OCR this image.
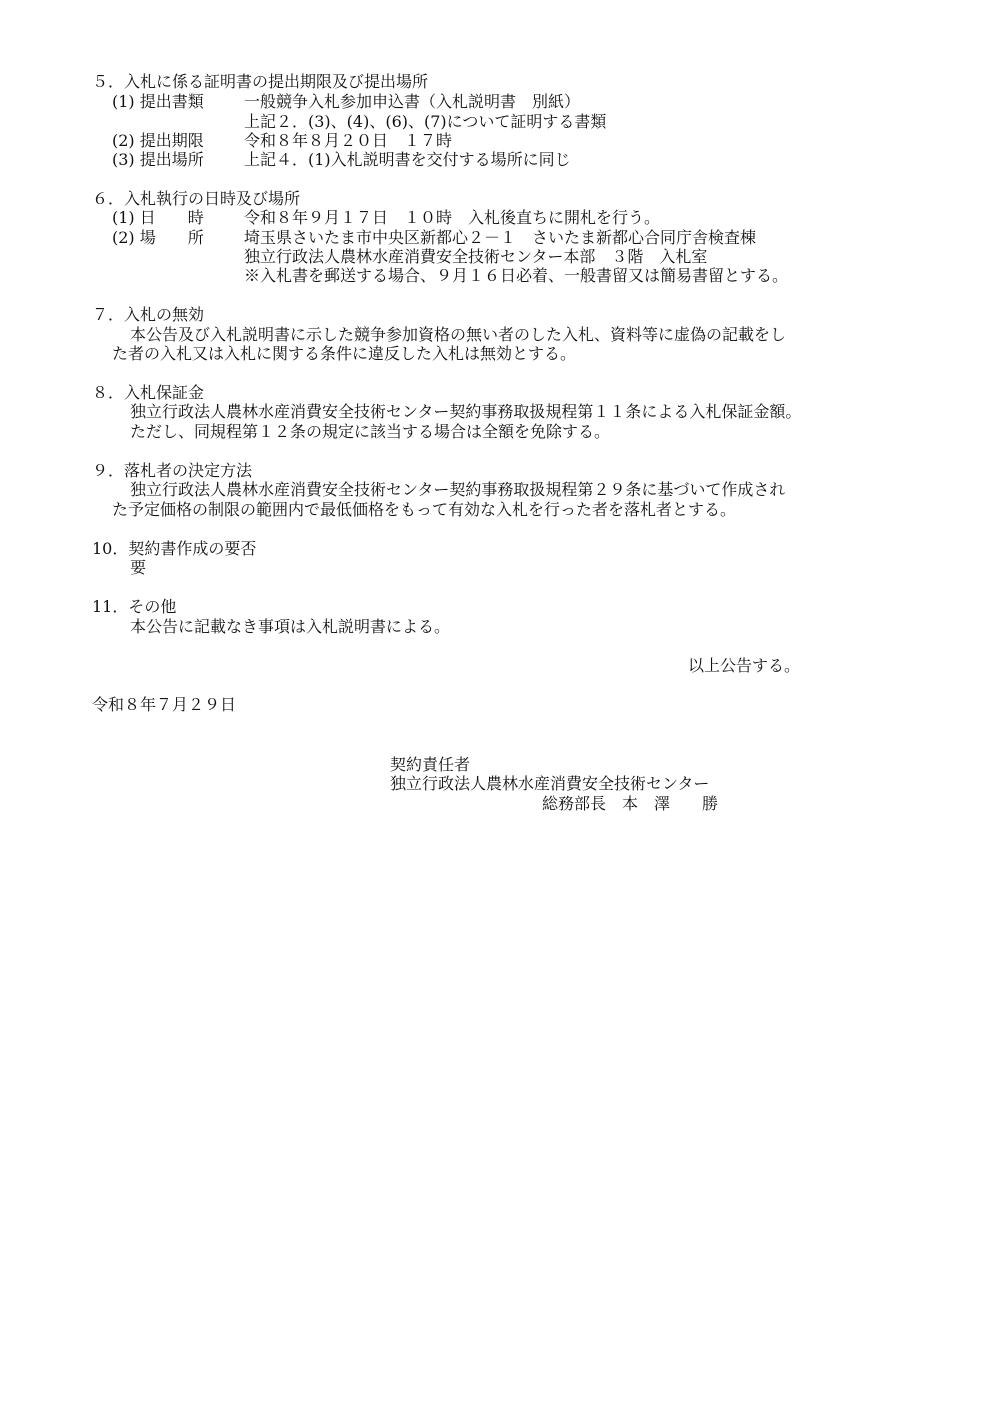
５．入札に係る証明書の提出期限及び提出場所
(1) 提出書類	一般競争入札参加申込書（入札説明書　別紙）
上記２．(3)、(4)、(6)、(7)について証明する書類
(2) 提出期限	令和８年８月２０日　１７時
(3) 提出場所	上記４．(1)入札説明書を交付する場所に同じ
６．入札執行の日時及び場所
(1) 日　　時	令和８年９月１７日　１０時　入札後直ちに開札を行う。
(2) 場　　所	埼玉県さいたま市中央区新都心２－１　さいたま新都心合同庁舎検査棟
独立行政法人農林水産消費安全技術センター本部　３階　入札室
※入札書を郵送する場合、９月１６日必着、一般書留又は簡易書留とする。
７．入札の無効
本公告及び入札説明書に示した競争参加資格の無い者のした入札、資料等に虚偽の記載をし
た者の入札又は入札に関する条件に違反した入札は無効とする。
８．入札保証金
独立行政法人農林水産消費安全技術センター契約事務取扱規程第１１条による入札保証金額。
ただし、同規程第１２条の規定に該当する場合は全額を免除する。
９．落札者の決定方法
独立行政法人農林水産消費安全技術センター契約事務取扱規程第２９条に基づいて作成され
た予定価格の制限の範囲内で最低価格をもって有効な入札を行った者を落札者とする。
10．契約書作成の要否
要
11．その他
本公告に記載なき事項は入札説明書による。
以上公告する。
令和８年７月２９日
契約責任者
独立行政法人農林水産消費安全技術センター
総務部長　本　澤　　勝
